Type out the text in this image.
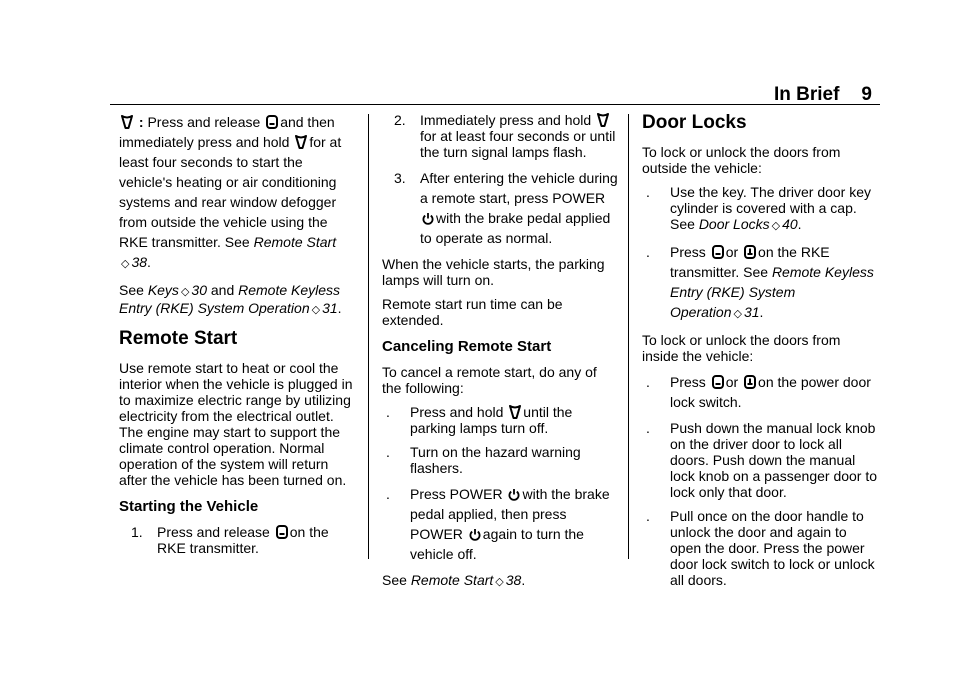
In Brief 9

: Press and release and then immediately press and hold for at least four seconds to start the vehicle's heating or air conditioning systems and rear window defogger from outside the vehicle using the RKE transmitter. See Remote Start ◇ 38.

See Keys ◇ 30 and Remote Keyless Entry (RKE) System Operation ◇ 31.

Remote Start

Use remote start to heat or cool the interior when the vehicle is plugged in to maximize electric range by utilizing electricity from the electrical outlet. The engine may start to support the climate control operation. Normal operation of the system will return after the vehicle has been turned on.

Starting the Vehicle
1.	Press and release on the RKE transmitter.
2.	Immediately press and hold
for at least four seconds or until the turn signal lamps flash.
3.	After entering the vehicle during a remote start, press POWER
with the brake pedal applied to operate as normal.

When the vehicle starts, the parking lamps will turn on.

Remote start run time can be extended.

Canceling Remote Start

To cancel a remote start, do any of the following:

.	Press and hold until the parking lamps turn off.
.	Turn on the hazard warning flashers.
.	Press POWER with the brake pedal applied, then press POWER again to turn the vehicle off.

See Remote Start ◇ 38.

Door Locks

To lock or unlock the doors from outside the vehicle:

.	Use the key. The driver door key cylinder is covered with a cap. See Door Locks ◇ 40.
.	Press or on the RKE transmitter. See Remote Keyless Entry (RKE) System Operation ◇ 31.

To lock or unlock the doors from inside the vehicle:

.	Press or on the power door lock switch.
.	Push down the manual lock knob on the driver door to lock all doors. Push down the manual lock knob on a passenger door to lock only that door.
.	Pull once on the door handle to unlock the door and again to open the door. Press the power door lock switch to lock or unlock all doors.
